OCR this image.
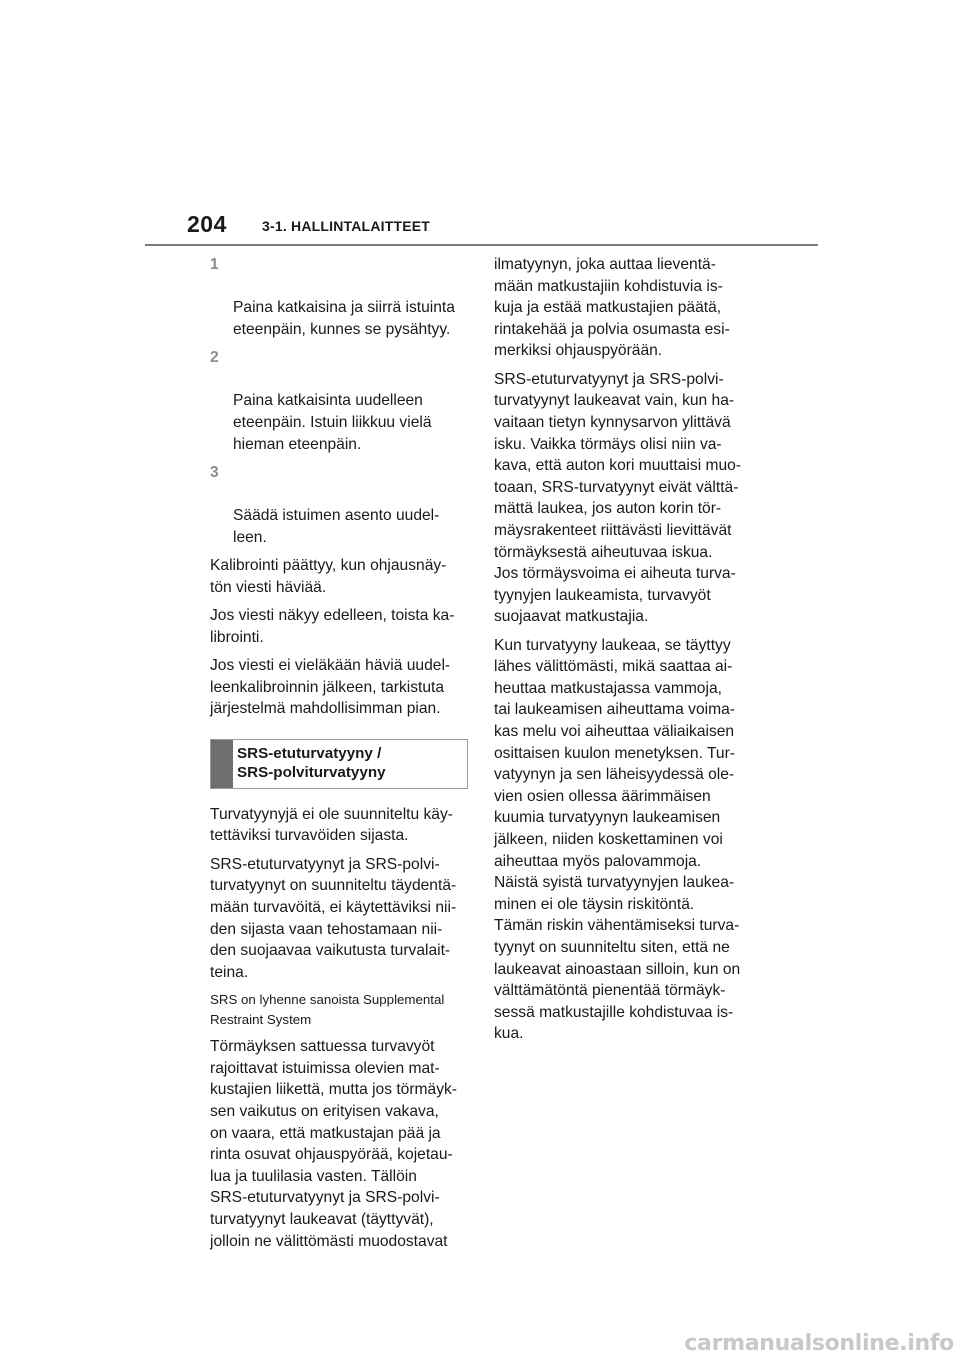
204	3-1. HALLINTALAITTEET

1

Paina katkaisina ja siirrä istuinta
eteenpäin, kunnes se pysähtyy.

2

Paina katkaisinta uudelleen
eteenpäin. Istuin liikkuu vielä
hieman eteenpäin.

3

Säädä istuimen asento uudel-
leen.

Kalibrointi päättyy, kun ohjausnäy-
tön viesti häviää.

Jos viesti näkyy edelleen, toista ka-
librointi.

Jos viesti ei vieläkään häviä uudel-
leenkalibroinnin jälkeen, tarkistuta
järjestelmä mahdollisimman pian.

SRS-etuturvatyyny /
SRS-polviturvatyyny

Turvatyynyjä ei ole suunniteltu käy-
tettäviksi turvavöiden sijasta.

SRS-etuturvatyynyt ja SRS-polvi-
turvatyynyt on suunniteltu täydentä-
mään turvavöitä, ei käytettäviksi nii-
den sijasta vaan tehostamaan nii-
den suojaavaa vaikutusta turvalait-
teina.

SRS on lyhenne sanoista Supplemental
Restraint System

Törmäyksen sattuessa turvavyöt
rajoittavat istuimissa olevien mat-
kustajien liikettä, mutta jos törmäyk-
sen vaikutus on erityisen vakava,
on vaara, että matkustajan pää ja
rinta osuvat ohjauspyörää, kojetau-
lua ja tuulilasia vasten. Tällöin
SRS-etuturvatyynyt ja SRS-polvi-
turvatyynyt laukeavat (täyttyvät),
jolloin ne välittömästi muodostavat

ilmatyynyn, joka auttaa lieventä-
mään matkustajiin kohdistuvia is-
kuja ja estää matkustajien päätä,
rintakehää ja polvia osumasta esi-
merkiksi ohjauspyörään.

SRS-etuturvatyynyt ja SRS-polvi-
turvatyynyt laukeavat vain, kun ha-
vaitaan tietyn kynnysarvon ylittävä
isku. Vaikka törmäys olisi niin va-
kava, että auton kori muuttaisi muo-
toaan, SRS-turvatyynyt eivät välttä-
mättä laukea, jos auton korin tör-
mäysrakenteet riittävästi lievittävät
törmäyksestä aiheutuvaa iskua.
Jos törmäysvoima ei aiheuta turva-
tyynyjen laukeamista, turvavyöt
suojaavat matkustajia.

Kun turvatyyny laukeaa, se täyttyy
lähes välittömästi, mikä saattaa ai-
heuttaa matkustajassa vammoja,
tai laukeamisen aiheuttama voima-
kas melu voi aiheuttaa väliaikaisen
osittaisen kuulon menetyksen. Tur-
vatyynyn ja sen läheisyydessä ole-
vien osien ollessa äärimmäisen
kuumia turvatyynyn laukeamisen
jälkeen, niiden koskettaminen voi
aiheuttaa myös palovammoja.
Näistä syistä turvatyynyjen laukea-
minen ei ole täysin riskitöntä.
Tämän riskin vähentämiseksi turva-
tyynyt on suunniteltu siten, että ne
laukeavat ainoastaan silloin, kun on
välttämätöntä pienentää törmäyk-
sessä matkustajille kohdistuvaa is-
kua.

carmanualsonline.info
